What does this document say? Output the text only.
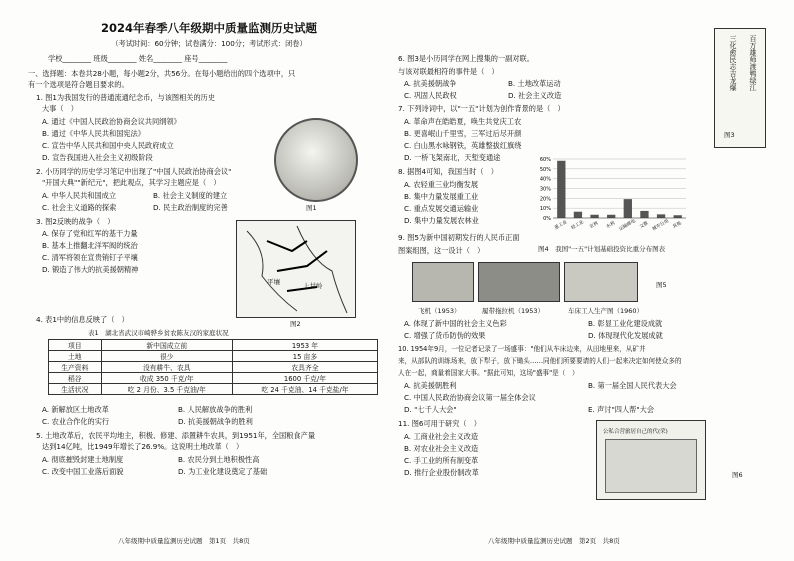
2024年春季八年级期中质量监测历史试题
（考试时间：60分钟；试卷满分：100分；考试形式：闭卷）
学校________ 班级________ 姓名________ 座号________
一、选择题：本卷共28小题，每小题2分，共56分。在每小题给出的四个选项中，只
有一个选项是符合题目要求的。
1. 图1为我国发行的普通流通纪念币，与该图相关的历史
大事（　）
A. 通过《中国人民政治协商会议共同纲领》
B. 通过《中华人民共和国宪法》
C. 宣告中华人民共和国中央人民政府成立
D. 宣告我国进入社会主义初级阶段
图1
2. 小历同学的历史学习笔记中出现了"中国人民政治协商会议"
"开国大典""新纪元"，把此观点，其学习主题应是（　）
A. 中华人民共和国成立	B. 社会主义制度的建立
C. 社会主义道路的探索	D. 民主政治制度的完善
3. 图2反映的战争（　）
A. 保存了党和红军的基干力量
B. 基本上推翻北洋军阀的统治
C. 清军将领在宣贵销钉子平壤
D. 锻造了伟大的抗美援朝精神
平壤	上甘岭
图2
4. 表1中的信息反映了（　）
表1　湖北省武汉市崎骅乡贫农陈友汉的家庭状况
项目	新中国成立前	1953 年
土地	很少	15 亩多
生产资料	没有耕牛、农具	农具齐全
稻谷	收成 350 千克/年	1600 千克/年
生活状况	吃 2 月份、3.5 千克油/年	吃 24 千克油、14 千克盐/年
A. 新解放区土地改革	B. 人民解放战争的胜利
C. 农业合作化的实行	D. 抗美援朝战争的胜利
5. 土地改革后，农民平均地主，积极、修建、添置耕牛农具，到1951年，全国粮食产量
达到14亿吨，比1949年增长了26.9%。这说明土地改革（　）
A. 彻底摧毁封建土地制度	B. 农民分到土地积极性高
C. 改变中国工业落后面貌	D. 为工业化建设奠定了基础
八年级期中质量监测历史试题　第1页　共8页
6. 图3是小历同学在网上搜集的一副对联。
与该对联最相符的事件是（　）
A. 抗美援朝战争	B. 土地改革运动
C. 巩固人民政权	D. 社会主义改造
百万雄师渡鸭绿江
三化愈民志吉龙爆
图3
7. 下列诗词中，以"一五"计划为创作背景的是（　）
A. 革命声在皓皓夏，唤生共党庆工农
B. 更喜岷山千里雪，三军过后尽开颜
C. 白山黑水咏钢铁，英雄整拔红旗绕
D. 一桥飞架南北，天堑变通途
8. 据图4可知，我国当时（　）
A. 农轻重三业均衡发展
B. 集中力量发展重工业
C. 重点发展交通运输业
D. 集中力量发展农林业	0%
10%
20%
30%
40%
50%
60%
重工业 轻工业 农林 水利 运输邮电 文教 城市公用 其他
图4　我国"一五"计划基础投资比重分布图表
9. 图5为新中国初期发行的人民币正面
图案组图，这一设计（　）
图5
飞机（1953）	履带拖拉机（1953）	车床工人生产图（1960）
A. 体现了新中国的社会主义色彩	B. 彰显工业化建设成就
C. 增强了货币防伪的效果	D. 体现现代化发展成就
10. 1954年9月，一位记者记录了一场盛事："他们从车床边来，从田地里来，从矿井
来，从部队的训练场来，放下犁子，放下锄头……同他们所要要请的人们一起来决定如何使众多的
人在一起，商量着国家大事。"据此可知，这场"盛事"是（　）
A. 抗美援朝胜利	B. 第一届全国人民代表大会
C. 中国人民政治协商会议第一届全体会议
D. "七千人大会"	E. 声讨"四人帮"大会
11. 图6可用于研究（　）
A. 工商业社会主义改造
B. 对农业社会主义改造
C. 手工业的所有制变革
D. 推行企业股份制改革
公私合营旅居自己的代(荣)
图6
八年级期中质量监测历史试题　第2页　共8页
